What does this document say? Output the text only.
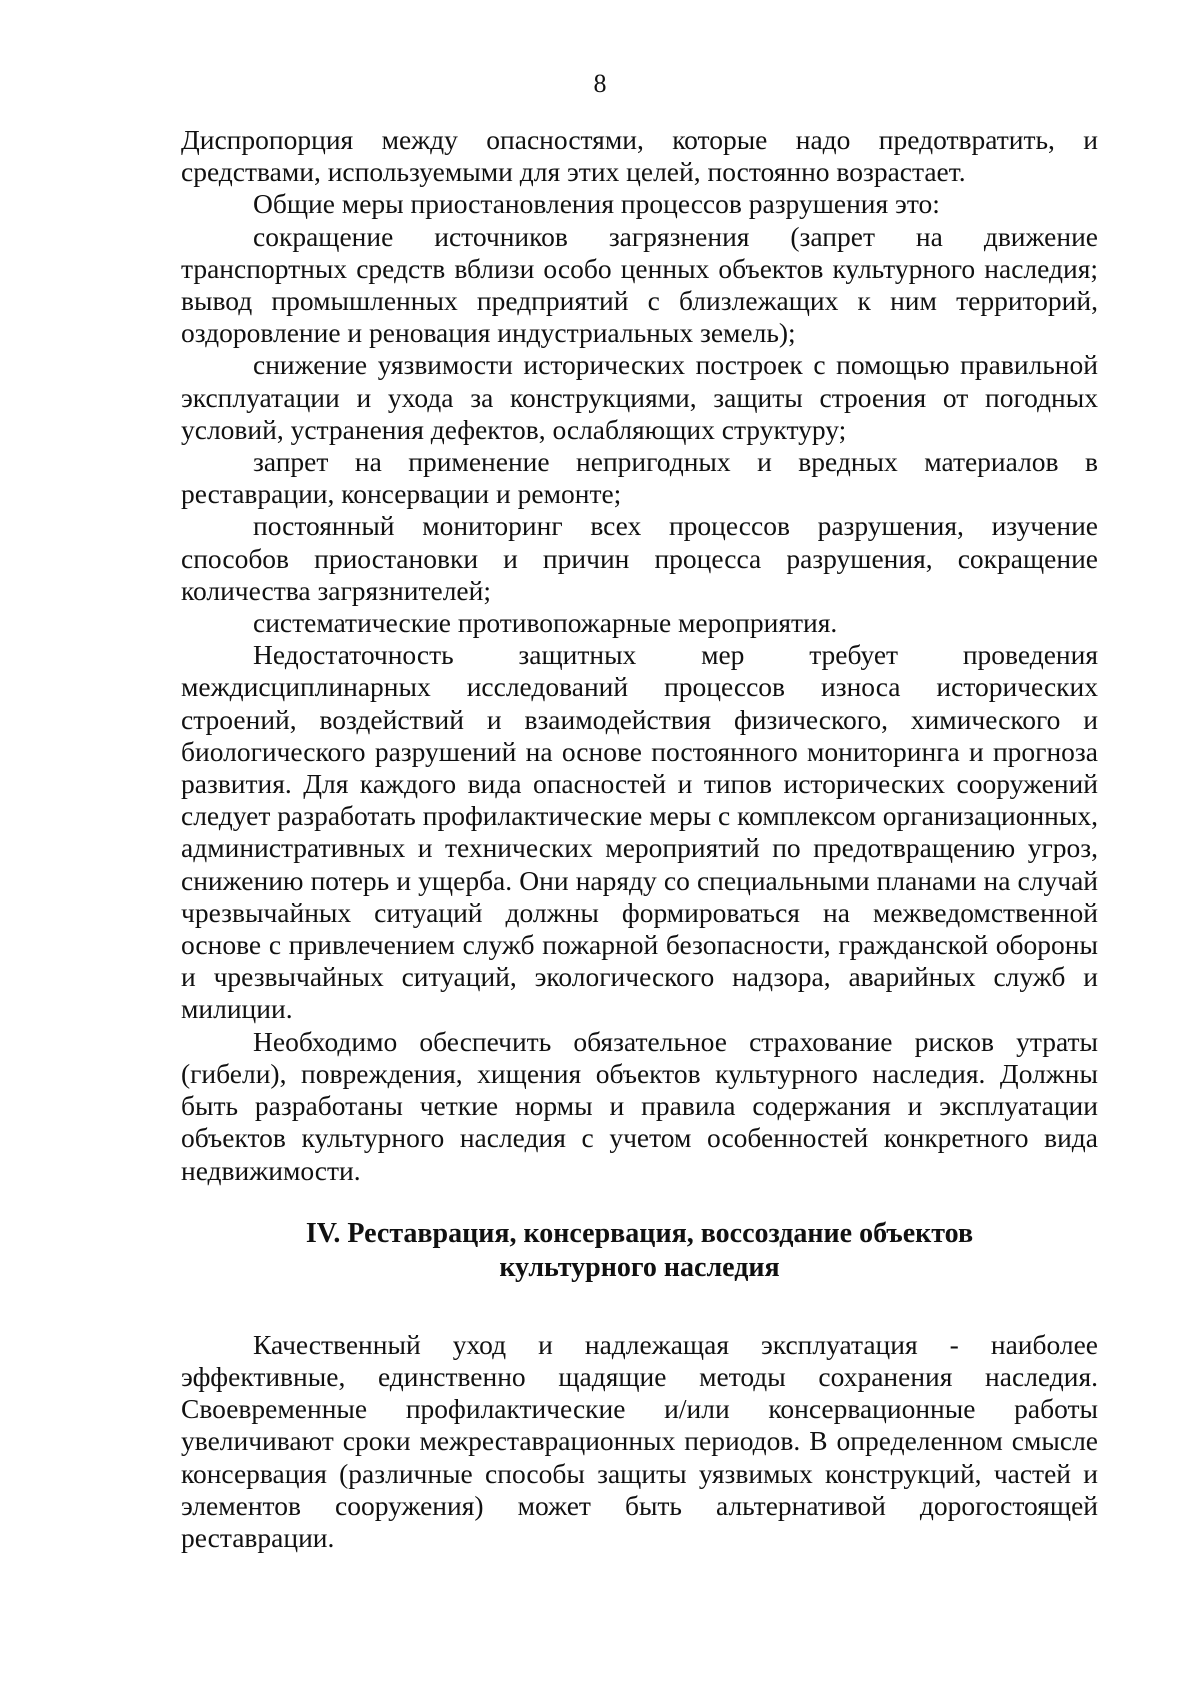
8

Диспропорция между опасностями, которые надо предотвратить, и средствами, используемыми для этих целей, постоянно возрастает.

Общие меры приостановления процессов разрушения это:

сокращение источников загрязнения (запрет на движение транспортных средств вблизи особо ценных объектов культурного наследия; вывод промышленных предприятий с близлежащих к ним территорий, оздоровление и реновация индустриальных земель);

снижение уязвимости исторических построек с помощью правильной эксплуатации и ухода за конструкциями, защиты строения от погодных условий, устранения дефектов, ослабляющих структуру;

запрет на применение непригодных и вредных материалов в реставрации, консервации и ремонте;

постоянный мониторинг всех процессов разрушения, изучение способов приостановки и причин процесса разрушения, сокращение количества загрязнителей;

систематические противопожарные мероприятия.

Недостаточность защитных мер требует проведения междисциплинарных исследований процессов износа исторических строений, воздействий и взаимодействия физического, химического и биологического разрушений на основе постоянного мониторинга и прогноза развития. Для каждого вида опасностей и типов исторических сооружений следует разработать профилактические меры с комплексом организационных, административных и технических мероприятий по предотвращению угроз, снижению потерь и ущерба. Они наряду со специальными планами на случай чрезвычайных ситуаций должны формироваться на межведомственной основе с привлечением служб пожарной безопасности, гражданской обороны и чрезвычайных ситуаций, экологического надзора, аварийных служб и милиции.

Необходимо обеспечить обязательное страхование рисков утраты (гибели), повреждения, хищения объектов культурного наследия. Должны быть разработаны четкие нормы и правила содержания и эксплуатации объектов культурного наследия с учетом особенностей конкретного вида недвижимости.

IV. Реставрация, консервация, воссоздание объектов
культурного наследия

Качественный уход и надлежащая эксплуатация - наиболее эффективные, единственно щадящие методы сохранения наследия. Своевременные профилактические и/или консервационные работы увеличивают сроки межреставрационных периодов. В определенном смысле консервация (различные способы защиты уязвимых конструкций, частей и элементов сооружения) может быть альтернативой дорогостоящей реставрации.
